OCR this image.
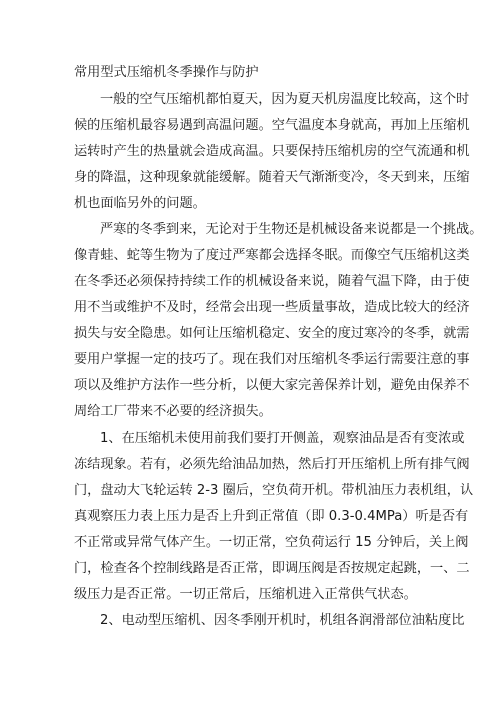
常用型式压缩机冬季操作与防护
一般的空气压缩机都怕夏天，因为夏天机房温度比较高，这个时
候的压缩机最容易遇到高温问题。空气温度本身就高，再加上压缩机
运转时产生的热量就会造成高温。只要保持压缩机房的空气流通和机
身的降温，这种现象就能缓解。随着天气渐渐变冷，冬天到来，压缩
机也面临另外的问题。
严寒的冬季到来，无论对于生物还是机械设备来说都是一个挑战。
像青蛙、蛇等生物为了度过严寒都会选择冬眠。而像空气压缩机这类
在冬季还必须保持持续工作的机械设备来说，随着气温下降，由于使
用不当或维护不及时，经常会出现一些质量事故，造成比较大的经济
损失与安全隐患。如何让压缩机稳定、安全的度过寒冷的冬季，就需
要用户掌握一定的技巧了。现在我们对压缩机冬季运行需要注意的事
项以及维护方法作一些分析，以便大家完善保养计划，避免由保养不
周给工厂带来不必要的经济损失。
1、在压缩机未使用前我们要打开侧盖，观察油品是否有变浓或
冻结现象。若有，必须先给油品加热，然后打开压缩机上所有排气阀
门，盘动大飞轮运转 2-3 圈后，空负荷开机。带机油压力表机组，认
真观察压力表上压力是否上升到正常值（即 0.3-0.4MPa）听是否有
不正常或异常气体产生。一切正常，空负荷运行 15 分钟后，关上阀
门，检查各个控制线路是否正常，即调压阀是否按规定起跳，一、二
级压力是否正常。一切正常后，压缩机进入正常供气状态。
2、电动型压缩机、因冬季刚开机时，机组各润滑部位油粘度比
